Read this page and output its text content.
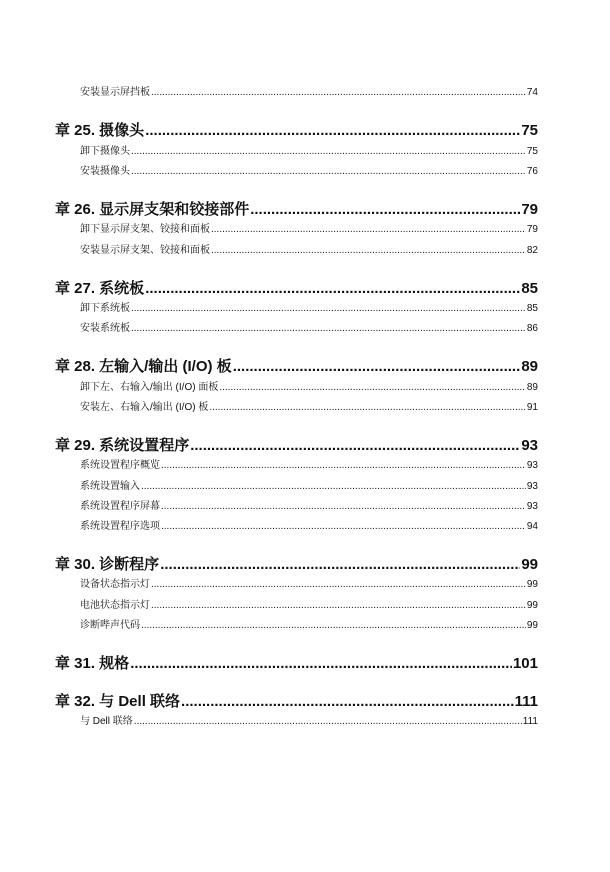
安装显示屏挡板 .....	74
章 25. 摄像头 .....	75
卸下摄像头 .....	75
安装摄像头 .....	76
章 26. 显示屏支架和铰接部件 .....	79
卸下显示屏支架、铰接和面板 .....	79
安装显示屏支架、铰接和面板 .....	82
章 27. 系统板 .....	85
卸下系统板 .....	85
安装系统板 .....	86
章 28. 左输入/输出 (I/O) 板 .....	89
卸下左、右输入/输出 (I/O) 面板 .....	89
安装左、右输入/输出 (I/O) 板 .....	91
章 29. 系统设置程序 .....	93
系统设置程序概览 .....	93
系统设置输入 .....	93
系统设置程序屏幕 .....	93
系统设置程序选项 .....	94
章 30. 诊断程序 .....	99
设备状态指示灯 .....	99
电池状态指示灯 .....	99
诊断哔声代码 .....	99
章 31. 规格 .....	101
章 32. 与 Dell 联络 .....	111
与 Dell 联络 .....	111
